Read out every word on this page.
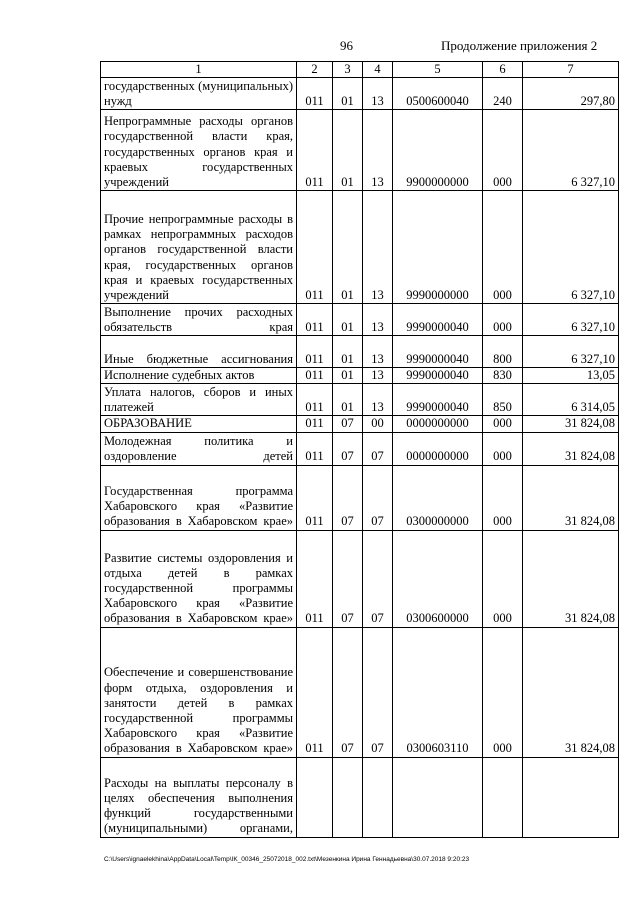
96	Продолжение приложения 2
1	2	3	4	5	6	7
государственных (муниципальных) нужд	011	01	13	0500600040	240	297,80
Непрограммные расходы органов государственной власти края, государственных органов края и краевых государственных учреждений	011	01	13	9900000000	000	6 327,10
Прочие непрограммные расходы в рамках непрограммных расходов органов государственной власти края, государственных органов края и краевых государственных учреждений	011	01	13	9990000000	000	6 327,10
Выполнение прочих расходных обязательств края	011	01	13	9990000040	000	6 327,10
Иные бюджетные ассигнования	011	01	13	9990000040	800	6 327,10
Исполнение судебных актов	011	01	13	9990000040	830	13,05
Уплата налогов, сборов и иных платежей	011	01	13	9990000040	850	6 314,05
ОБРАЗОВАНИЕ	011	07	00	0000000000	000	31 824,08
Молодежная политика и оздоровление детей	011	07	07	0000000000	000	31 824,08
Государственная программа Хабаровского края «Развитие образования в Хабаровском крае»	011	07	07	0300000000	000	31 824,08
Развитие системы оздоровления и отдыха детей в рамках государственной программы Хабаровского края «Развитие образования в Хабаровском крае»	011	07	07	0300600000	000	31 824,08
Обеспечение и совершенствование форм отдыха, оздоровления и занятости детей в рамках государственной программы Хабаровского края «Развитие образования в Хабаровском крае»	011	07	07	0300603110	000	31 824,08
Расходы на выплаты персоналу в целях обеспечения выполнения функций государственными (муниципальными) органами,						
C:\Users\ignaelekhina\AppData\Local\Temp\IK_00346_25072018_002.txt\Мезенкина Ирина Геннадьевна\30.07.2018 9:20:23
